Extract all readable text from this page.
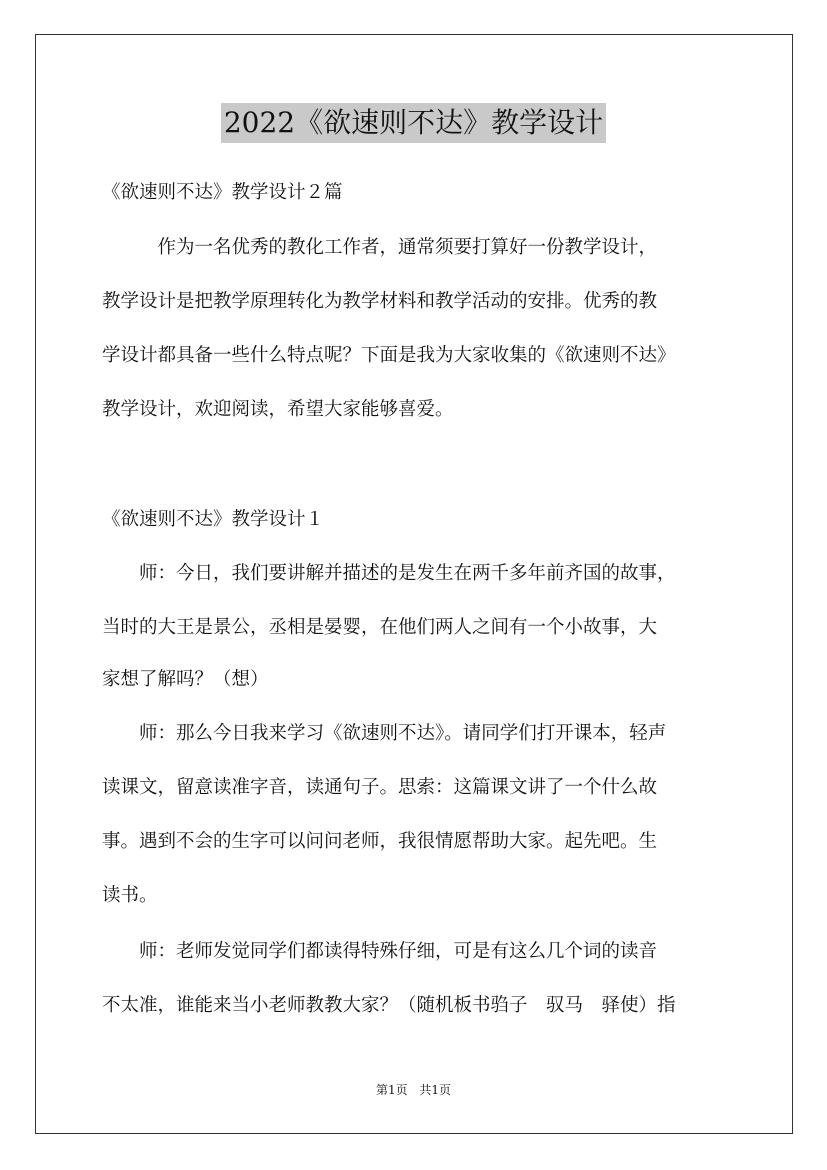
2022《欲速则不达》教学设计
《欲速则不达》教学设计２篇
　　　作为一名优秀的教化工作者，通常须要打算好一份教学设计，
教学设计是把教学原理转化为教学材料和教学活动的安排。优秀的教
学设计都具备一些什么特点呢？下面是我为大家收集的《欲速则不达》
教学设计，欢迎阅读，希望大家能够喜爱。
《欲速则不达》教学设计１
　　师：今日，我们要讲解并描述的是发生在两千多年前齐国的故事，
当时的大王是景公，丞相是晏婴，在他们两人之间有一个小故事，大
家想了解吗？（想）
　　师：那么今日我来学习《欲速则不达》。请同学们打开课本，轻声
读课文，留意读准字音，读通句子。思索：这篇课文讲了一个什么故
事。遇到不会的生字可以问问老师，我很情愿帮助大家。起先吧。生
读书。
　　师：老师发觉同学们都读得特殊仔细，可是有这么几个词的读音
不太准，谁能来当小老师教教大家？（随机板书驺子　驭马　驿使）指
第1页 共1页
